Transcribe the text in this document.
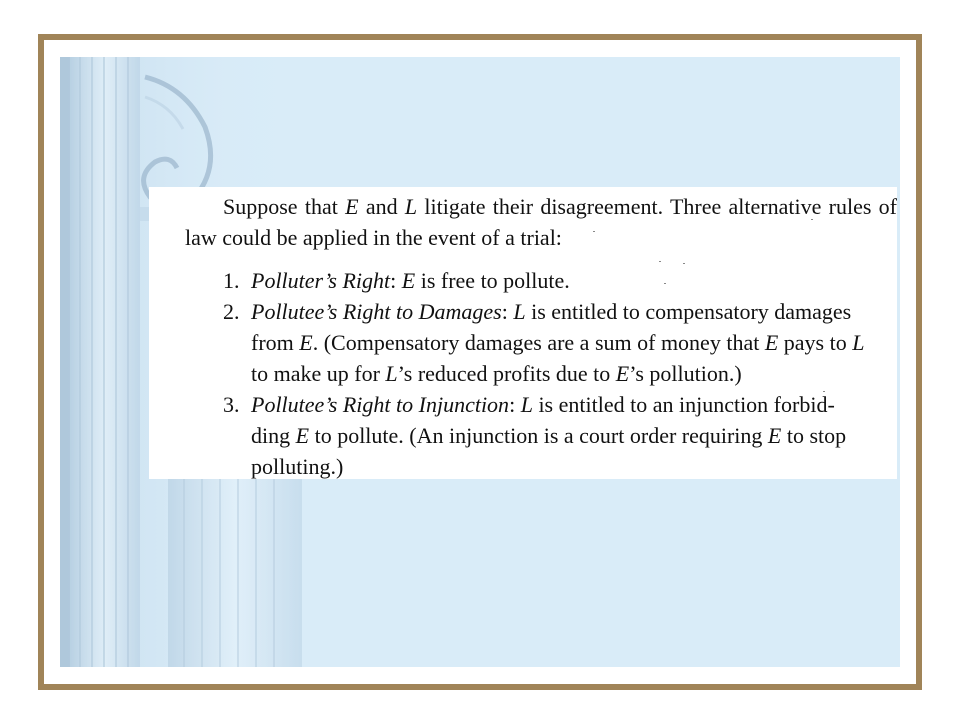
Suppose that E and L litigate their disagreement. Three alternative rules of
law could be applied in the event of a trial:

1. Polluter’s Right: E is free to pollute.
2. Pollutee’s Right to Damages: L is entitled to compensatory damages
from E. (Compensatory damages are a sum of money that E pays to L
to make up for L’s reduced profits due to E’s pollution.)
3. Pollutee’s Right to Injunction: L is entitled to an injunction forbid-
ding E to pollute. (An injunction is a court order requiring E to stop
polluting.)
